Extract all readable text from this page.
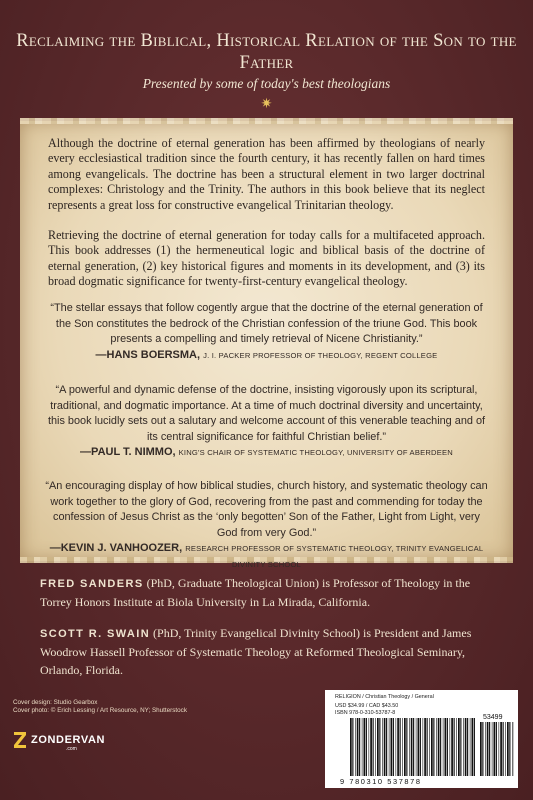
Reclaiming the Biblical, Historical Relation of the Son to the Father
Presented by some of today's best theologians
✷
Although the doctrine of eternal generation has been affirmed by theologians of nearly every ecclesiastical tradition since the fourth century, it has recently fallen on hard times among evangelicals. The doctrine has been a structural element in two larger doctrinal complexes: Christology and the Trinity. The authors in this book believe that its neglect represents a great loss for constructive evangelical Trinitarian theology.
Retrieving the doctrine of eternal generation for today calls for a multifaceted approach. This book addresses (1) the hermeneutical logic and biblical basis of the doctrine of eternal generation, (2) key historical figures and moments in its development, and (3) its broad dogmatic significance for twenty-first-century evangelical theology.
“The stellar essays that follow cogently argue that the doctrine of the eternal generation of the Son constitutes the bedrock of the Christian confession of the triune God. This book presents a compelling and timely retrieval of Nicene Christianity.”
—HANS BOERSMA, J. I. PACKER PROFESSOR OF THEOLOGY, REGENT COLLEGE
“A powerful and dynamic defense of the doctrine, insisting vigorously upon its scriptural, traditional, and dogmatic importance. At a time of much doctrinal diversity and uncertainty, this book lucidly sets out a salutary and welcome account of this venerable teaching and of its central significance for faithful Christian belief.”
—PAUL T. NIMMO, KING'S CHAIR OF SYSTEMATIC THEOLOGY, UNIVERSITY OF ABERDEEN
“An encouraging display of how biblical studies, church history, and systematic theology can work together to the glory of God, recovering from the past and commending for today the confession of Jesus Christ as the ‘only begotten’ Son of the Father, Light from Light, very God from very God.”
—KEVIN J. VANHOOZER, RESEARCH PROFESSOR OF SYSTEMATIC THEOLOGY, TRINITY EVANGELICAL DIVINITY SCHOOL
FRED SANDERS (PhD, Graduate Theological Union) is Professor of Theology in the Torrey Honors Institute at Biola University in La Mirada, California.
SCOTT R. SWAIN (PhD, Trinity Evangelical Divinity School) is President and James Woodrow Hassell Professor of Systematic Theology at Reformed Theological Seminary, Orlando, Florida.
Cover design: Studio Gearbox
Cover photo: © Erich Lessing / Art Resource, NY; Shutterstock
ZONDERVAN
.com
RELIGION / Christian Theology / General
USD $34.99 / CAD $43.50
ISBN 978-0-310-53787-8
53499
9 780310 537878
